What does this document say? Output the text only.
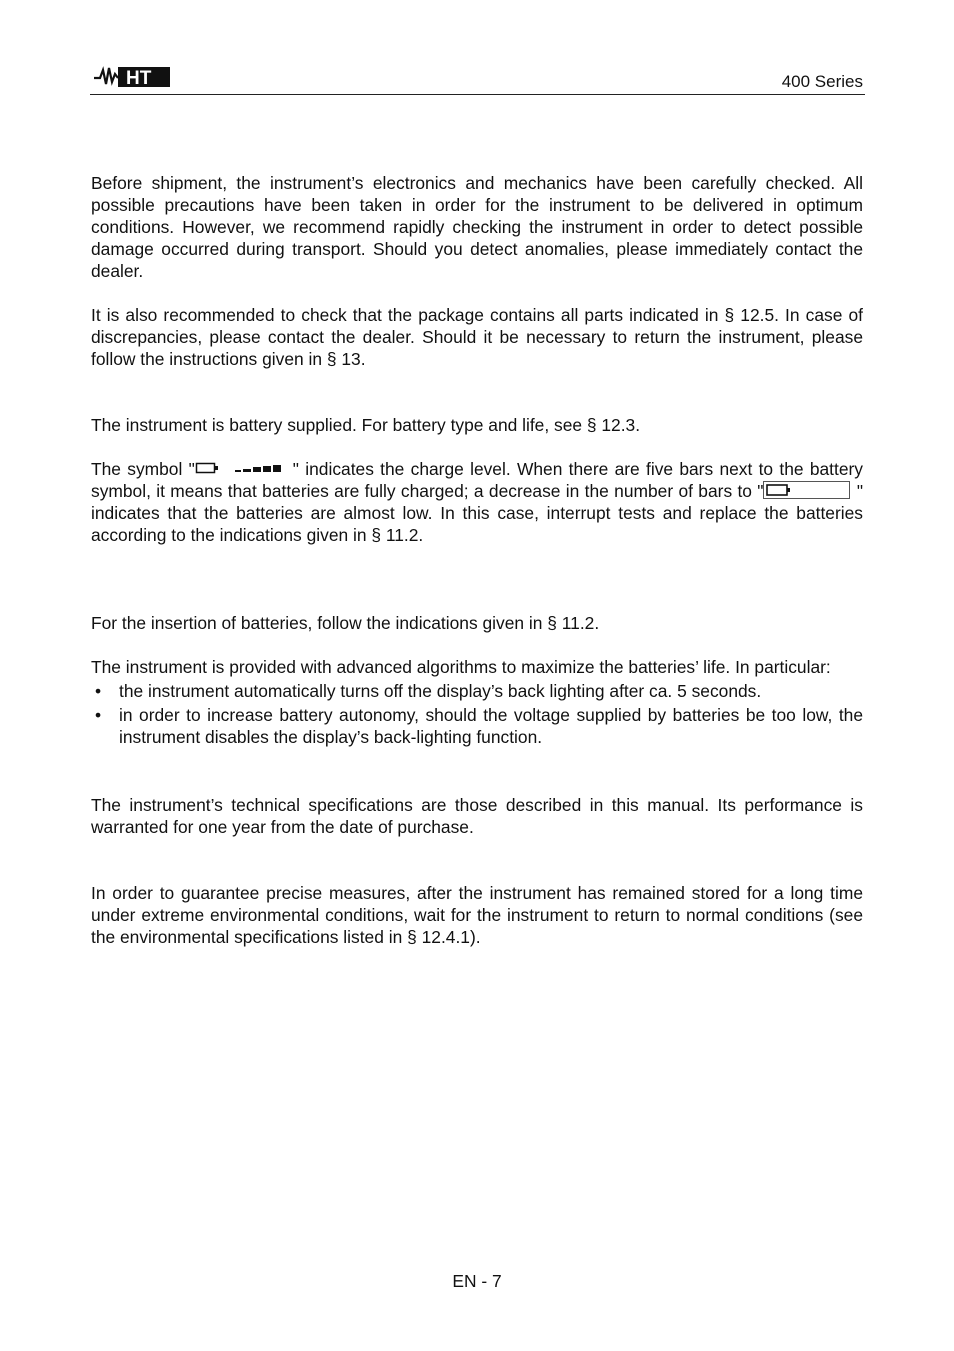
HT	400 Series

Before shipment, the instrument’s electronics and mechanics have been carefully checked. All possible precautions have been taken in order for the instrument to be delivered in optimum conditions. However, we recommend rapidly checking the instrument in order to detect possible damage occurred during transport. Should you detect anomalies, please immediately contact the dealer.

It is also recommended to check that the package contains all parts indicated in § 12.5. In case of discrepancies, please contact the dealer. Should it be necessary to return the instrument, please follow the instructions given in § 13.

The instrument is battery supplied. For battery type and life, see § 12.3.

The symbol "	" indicates the charge level. When there are five bars next to the battery symbol, it means that batteries are fully charged; a decrease in the number of bars to "	" indicates that the batteries are almost low. In this case, interrupt tests and replace the batteries according to the indications given in § 11.2.

For the insertion of batteries, follow the indications given in § 11.2.

The instrument is provided with advanced algorithms to maximize the batteries’ life. In particular:

• the instrument automatically turns off the display’s back lighting after ca. 5 seconds.
• in order to increase battery autonomy, should the voltage supplied by batteries be too low, the instrument disables the display’s back-lighting function.

The instrument’s technical specifications are those described in this manual. Its performance is warranted for one year from the date of purchase.

In order to guarantee precise measures, after the instrument has remained stored for a long time under extreme environmental conditions, wait for the instrument to return to normal conditions (see the environmental specifications listed in § 12.4.1).

EN - 7
